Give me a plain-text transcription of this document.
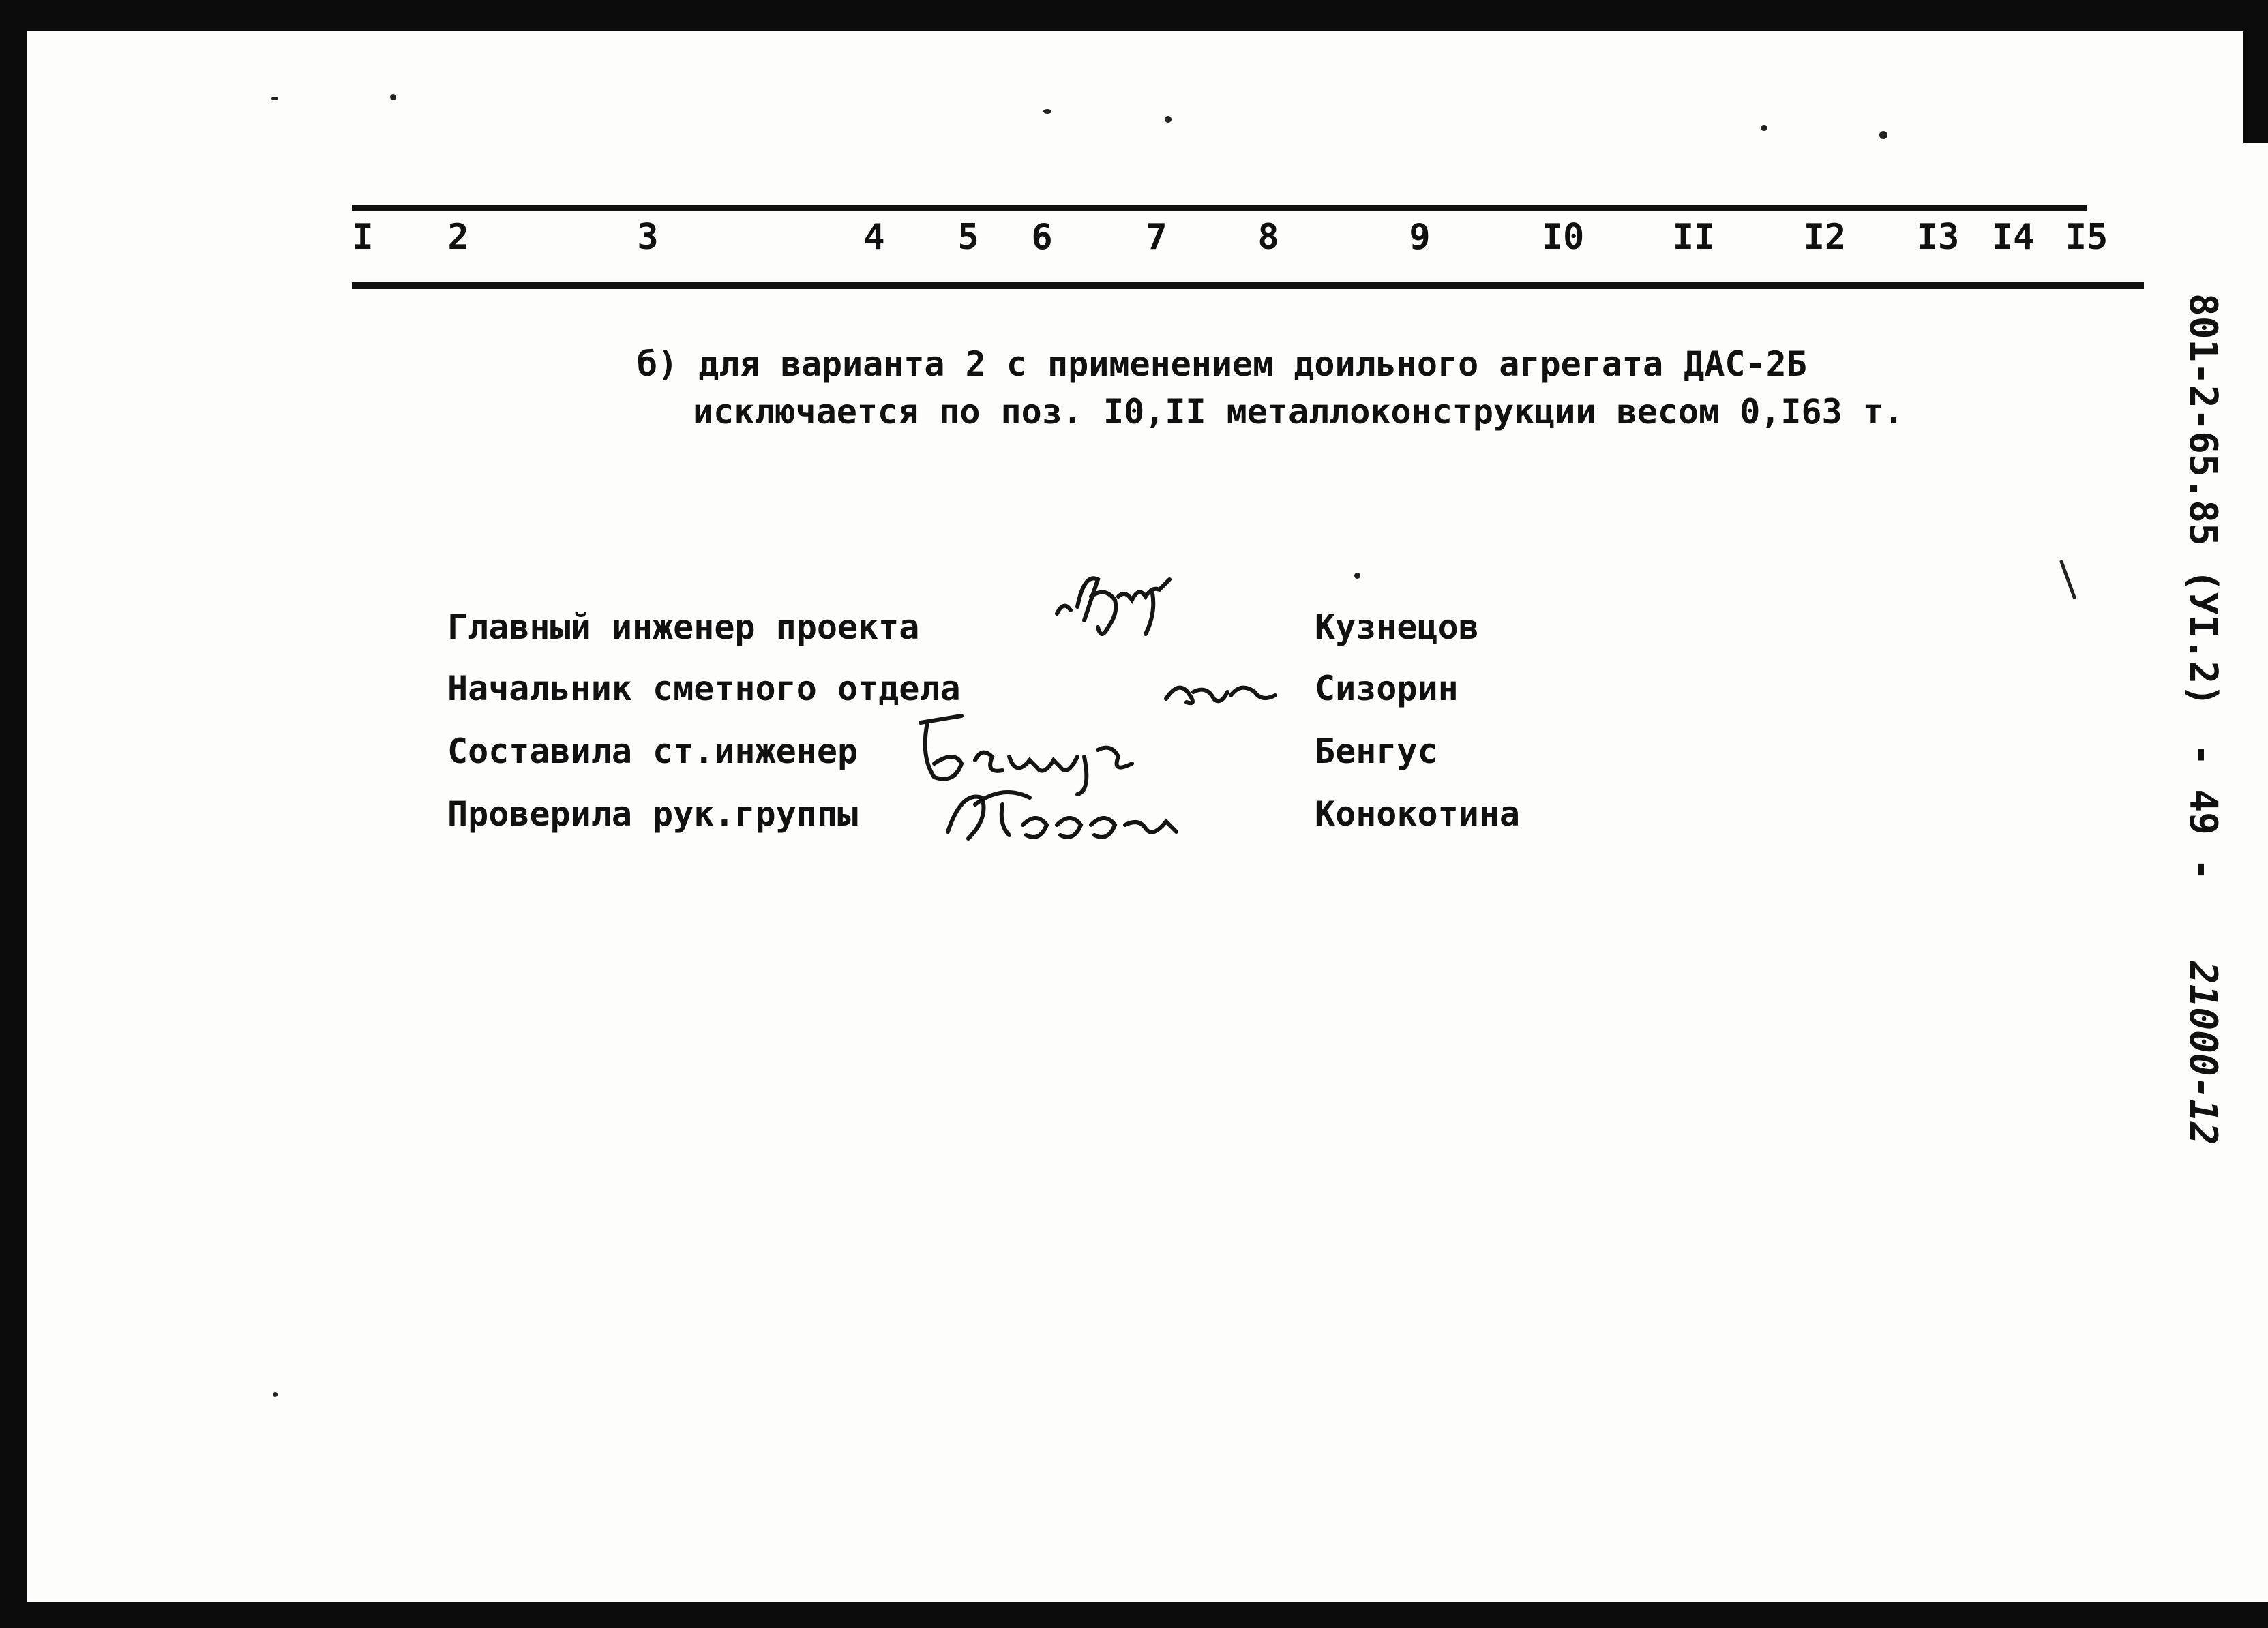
I 2	3	4 5 6	7	8	9	I0 II I2 I3 I4 I5
б) для варианта 2 с применением доильного агрегата ДАС-2Б
исключается по поз. I0,II металлоконструкции весом 0,I63 т.
Главный инженер проекта	Кузнецов
Начальник сметного отдела	Сизорин
Составила ст.инженер	Бенгус
Проверила рук.группы	Конокотина
801-2-65.85 (УI.2)
- 49 -
21000-12
